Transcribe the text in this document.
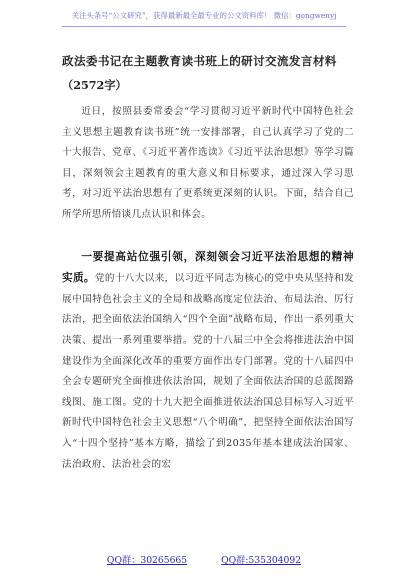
关注头条号“公文研究”，获得最新最全最专业的公文资料库！ 微信：gongwenyj
政法委书记在主题教育读书班上的研讨交流发言材料
（2572字）

近日，按照县委常委会“学习贯彻习近平新时代中国特色社会主义思想主题教育读书班”统一安排部署，自己认真学习了党的二十大报告、党章、《习近平著作选读》《习近平法治思想》等学习篇目，深刻领会主题教育的重大意义和目标要求，通过深入学习思考，对习近平法治思想有了更系统更深刻的认识。下面，结合自己所学所思所悟谈几点认识和体会。

一要提高站位强引领，深刻领会习近平法治思想的精神实质。党的十八大以来，以习近平同志为核心的党中央从坚持和发展中国特色社会主义的全局和战略高度定位法治、布局法治、厉行法治，把全面依法治国纳入“四个全面”战略布局，作出一系列重大决策、提出一系列重要举措。党的十八届三中全会将推进法治中国建设作为全面深化改革的重要方面作出专门部署。党的十八届四中全会专题研究全面推进依法治国，规划了全面依法治国的总蓝图路线图、施工图。党的十九大把全面推进依法治国总目标写入习近平新时代中国特色社会主义思想“八个明确”，把坚持全面依法治国写入“十四个坚持”基本方略，描绘了到2035年基本建成法治国家、法治政府、法治社会的宏

QQ群：30265665	QQ群:535304092
